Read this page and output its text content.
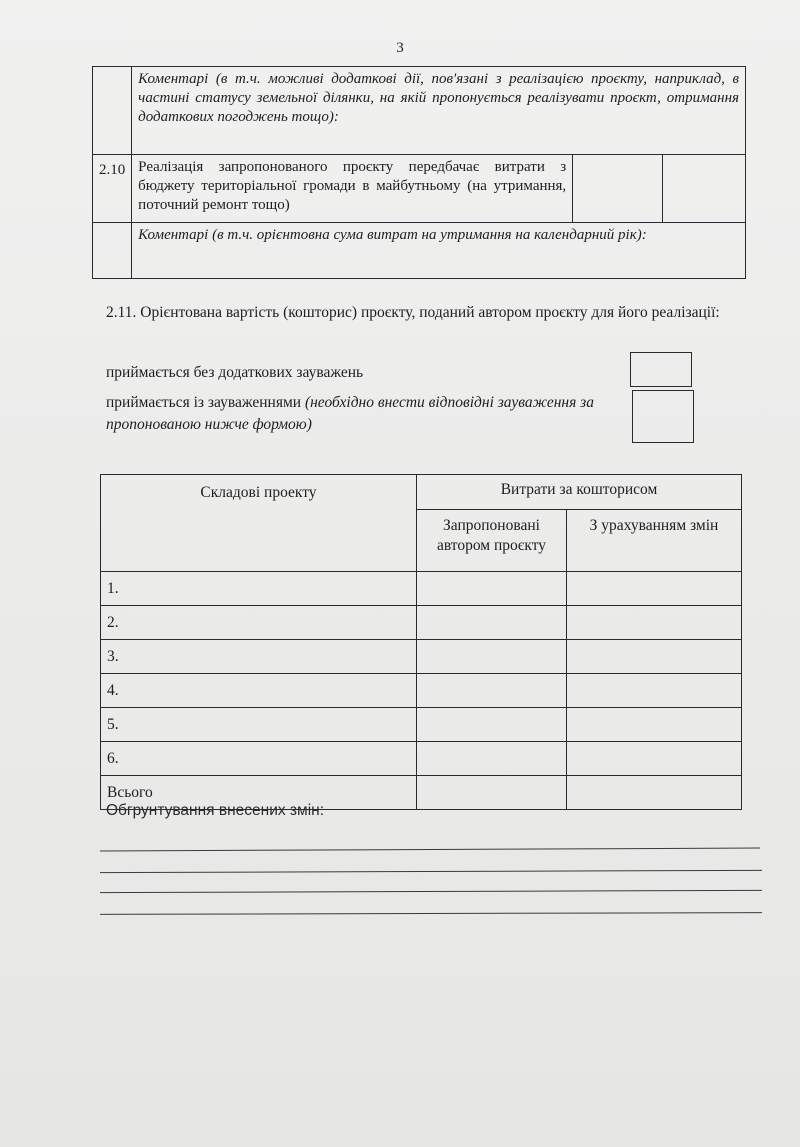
3
	Коментарі (в т.ч. можливі додаткові дії, пов'язані з реалізацією проєкту, наприклад, в частині статусу земельної ділянки, на якій пропонується реалізувати проєкт, отримання додаткових погоджень тощо):		
2.10	Реалізація запропонованого проєкту передбачає витрати з бюджету територіальної громади в майбутньому (на утримання, поточний ремонт тощо)		
	Коментарі (в т.ч. орієнтовна сума витрат на утримання на календарний рік):		
2.11. Орієнтована вартість (кошторис) проєкту, поданий автором проєкту для його реалізації:
приймається без додаткових зауважень
приймається із зауваженнями (необхідно внести відповідні зауваження за пропонованою нижче формою)
Складові проекту	Витрати за кошторисом	
	Запропоновані автором проєкту	З урахуванням змін
1.		
2.		
3.		
4.		
5.		
6.		
Всього		
Обгрунтування внесених змін:
